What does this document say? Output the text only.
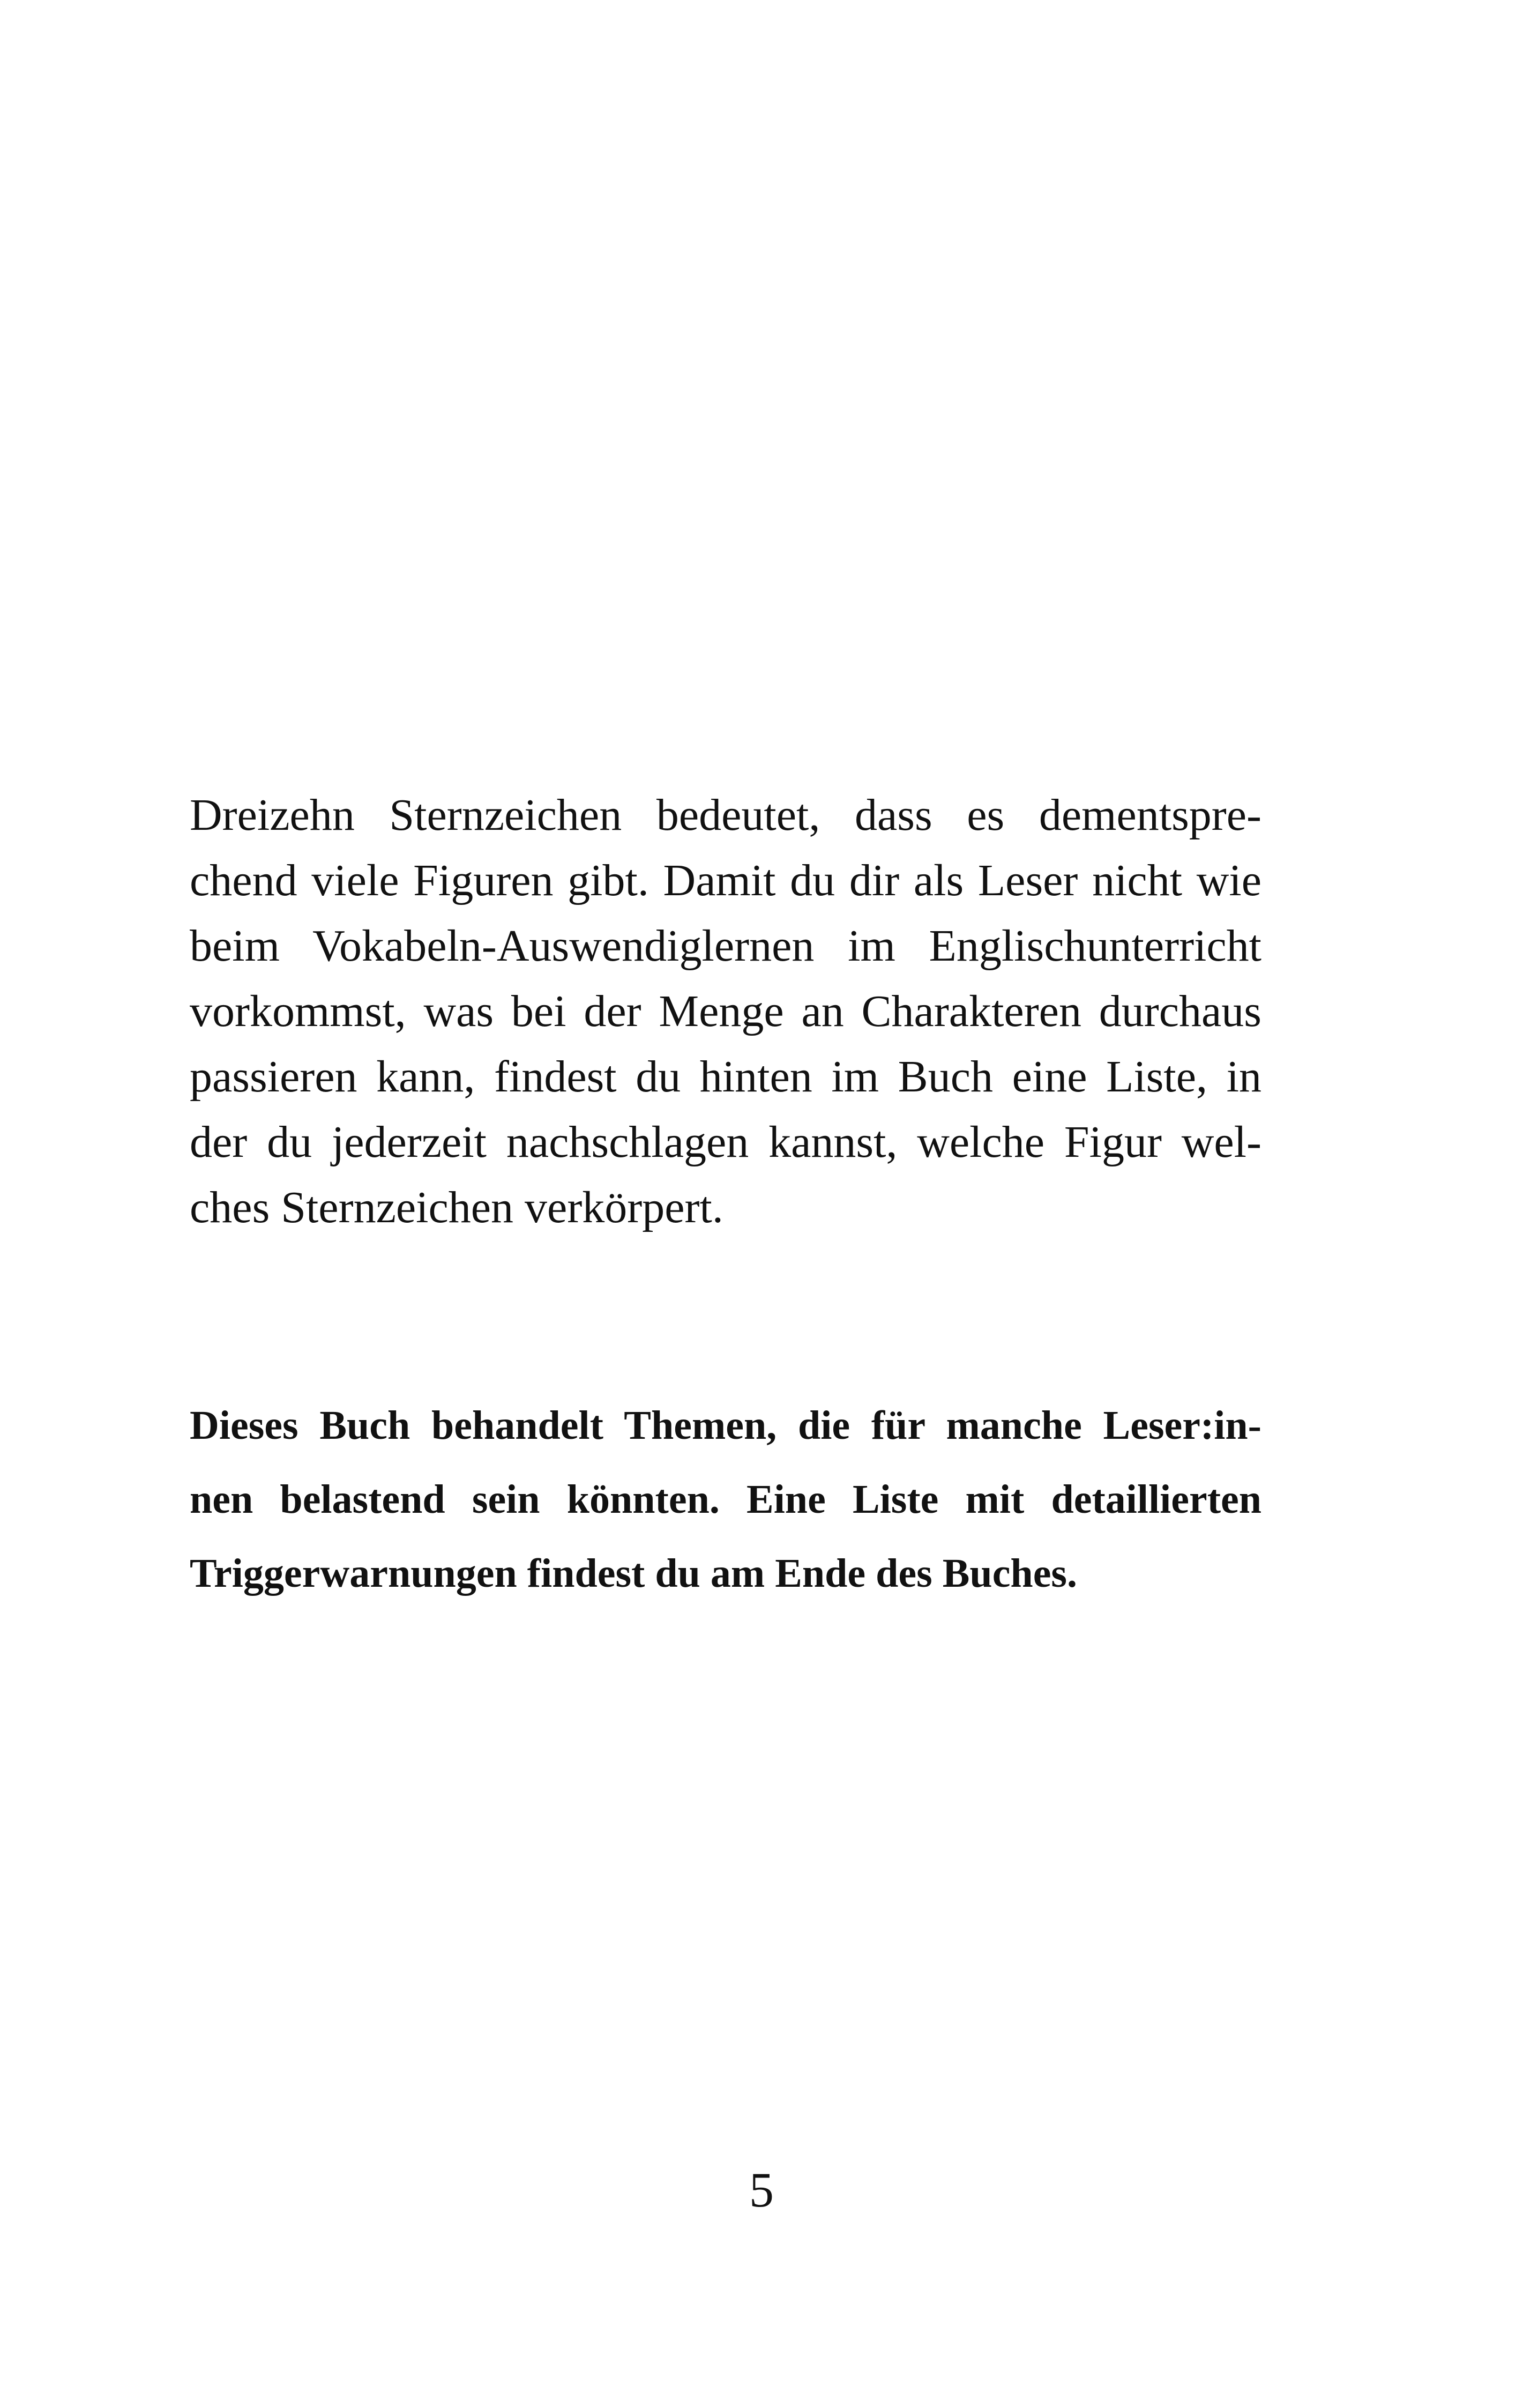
Dreizehn Sternzeichen bedeutet, dass es dementspre-
chend viele Figuren gibt. Damit du dir als Leser nicht wie
beim Vokabeln-Auswendiglernen im Englischunterricht
vorkommst, was bei der Menge an Charakteren durchaus
passieren kann, findest du hinten im Buch eine Liste, in
der du jederzeit nachschlagen kannst, welche Figur wel-
ches Sternzeichen verkörpert.
Dieses Buch behandelt Themen, die für manche Leser:in-
nen belastend sein könnten. Eine Liste mit detaillierten
Triggerwarnungen findest du am Ende des Buches.
5
